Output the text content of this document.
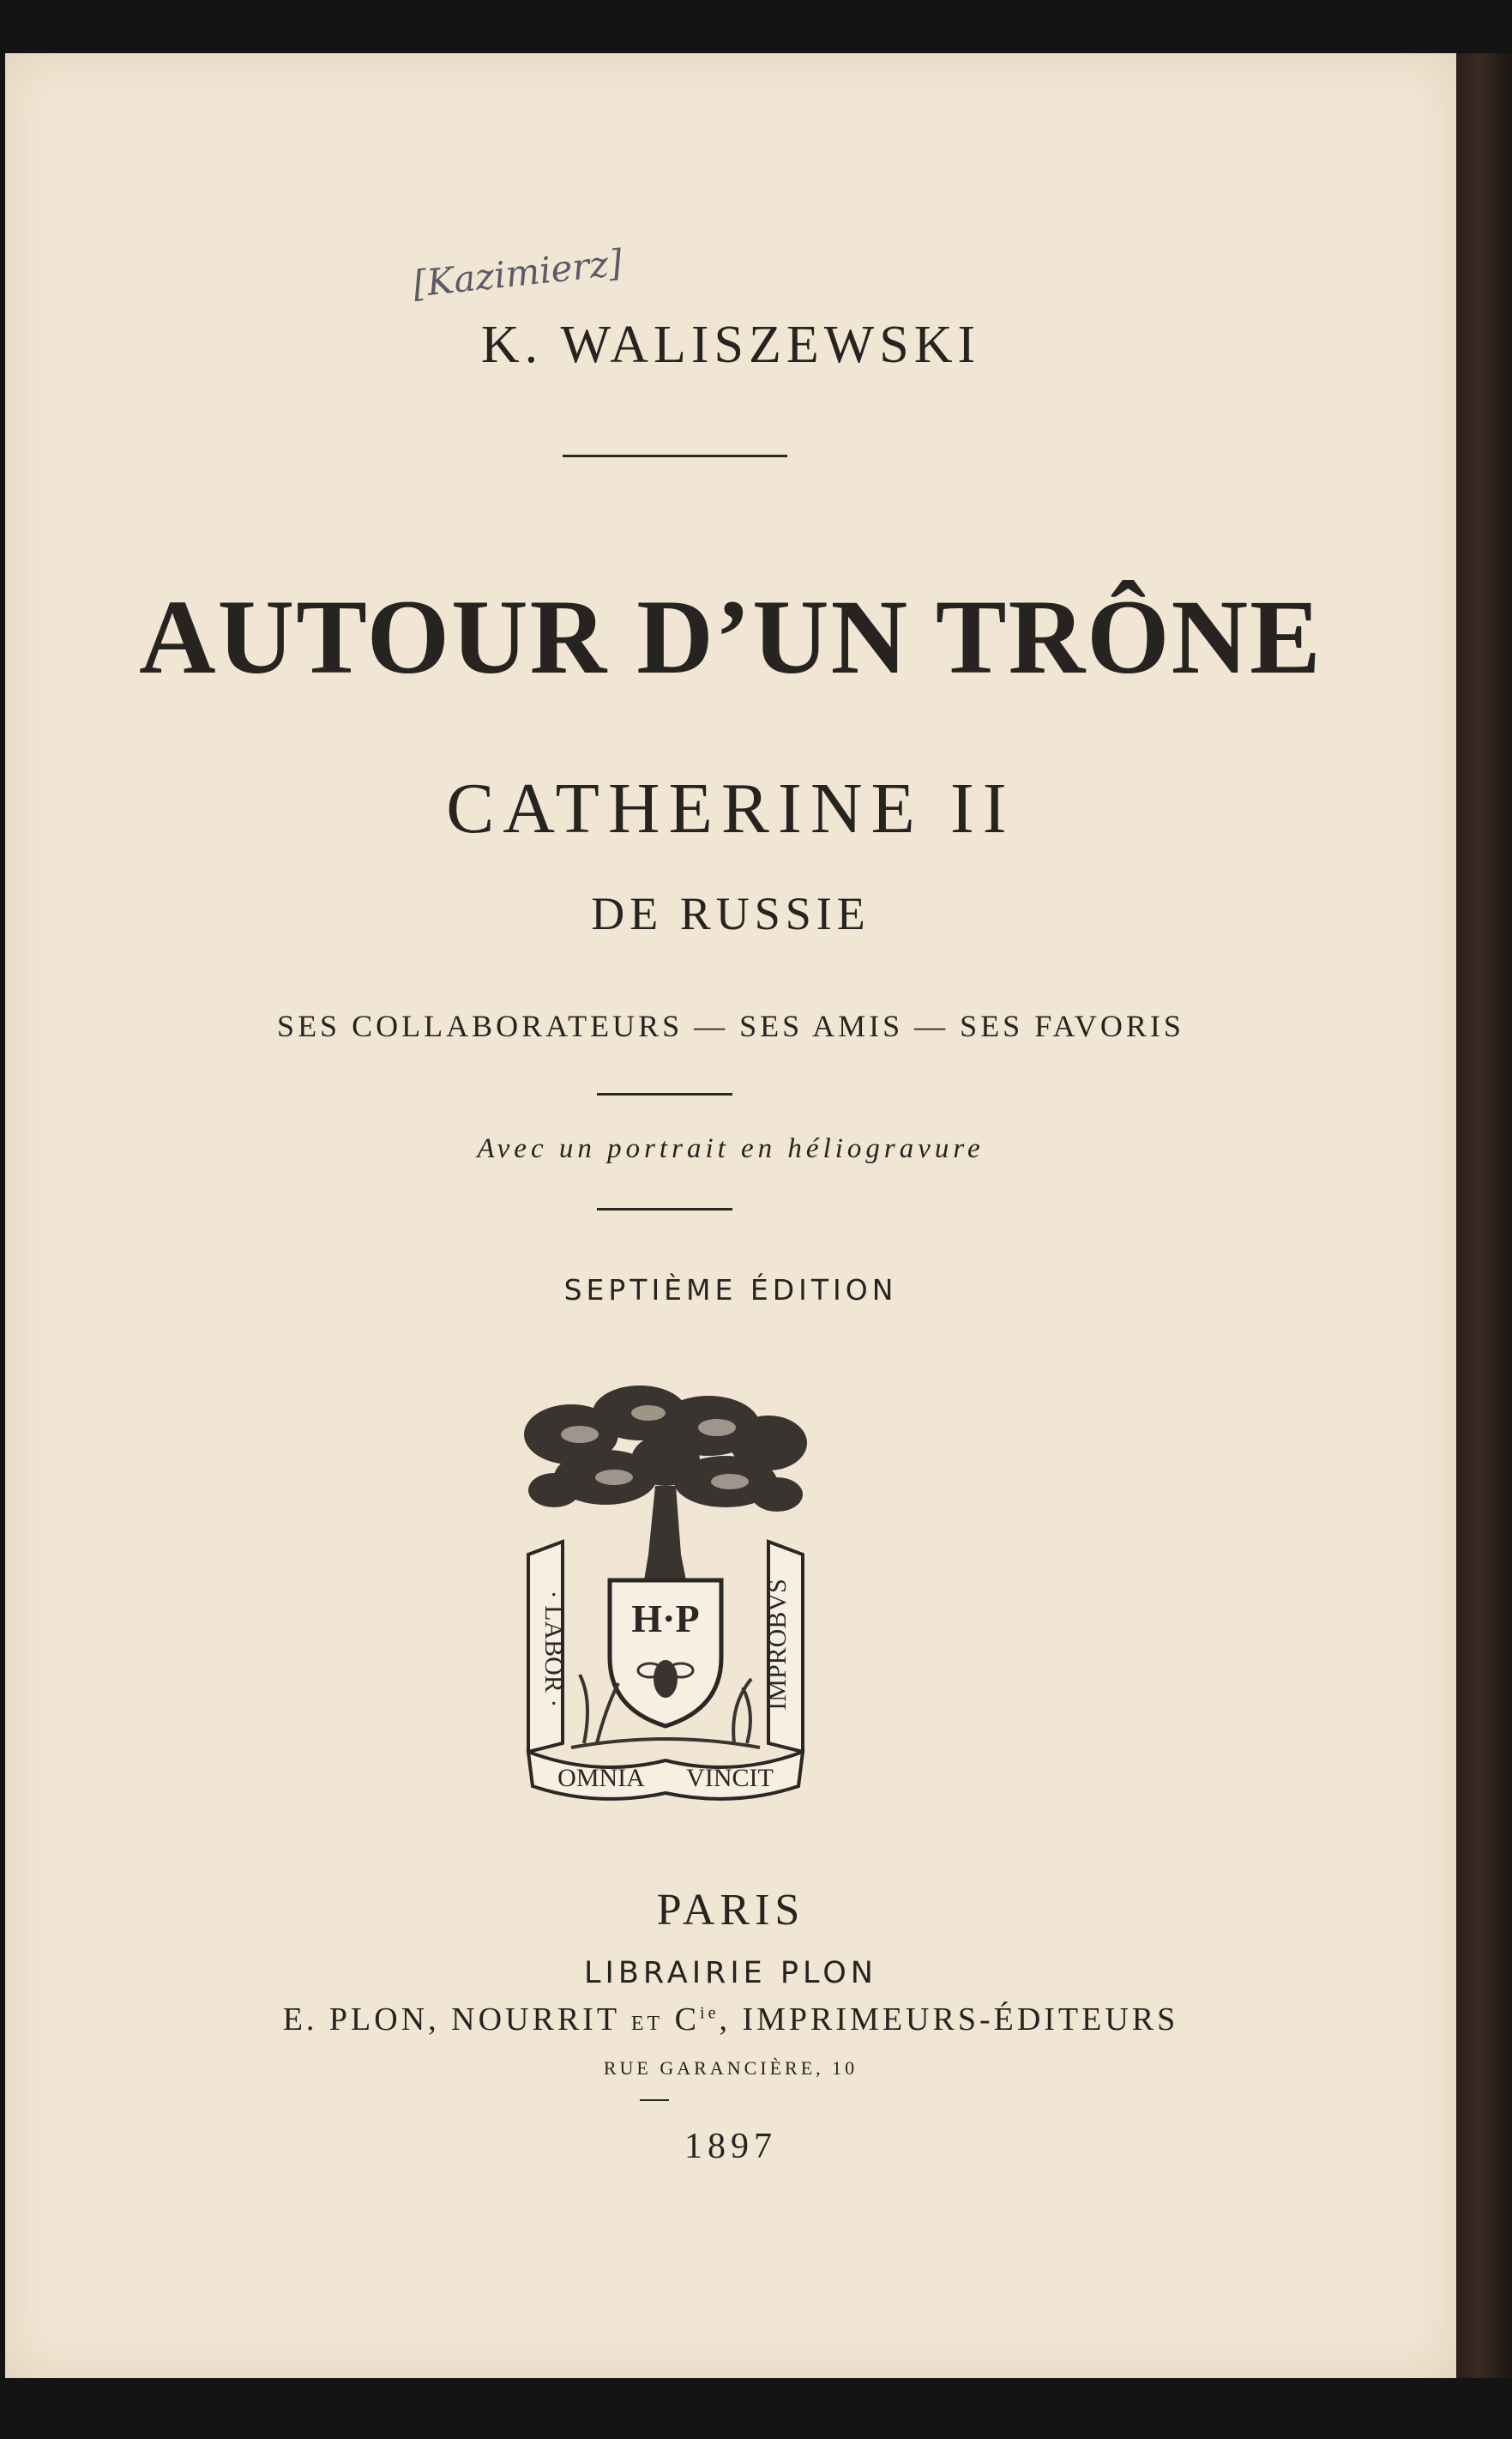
[Kazimierz]
K. WALISZEWSKI
AUTOUR D’UN TRÔNE
CATHERINE II
DE RUSSIE
SES COLLABORATEURS — SES AMIS — SES FAVORIS
Avec un portrait en héliogravure
SEPTIÈME ÉDITION
· LABOR ·	IMPROBVS
OMNIA VINCIT
H·P
PARIS
LIBRAIRIE PLON
E. PLON, NOURRIT ET $C^{ie}$, IMPRIMEURS-ÉDITEURS
RUE GARANCIÈRE, 10
1897
